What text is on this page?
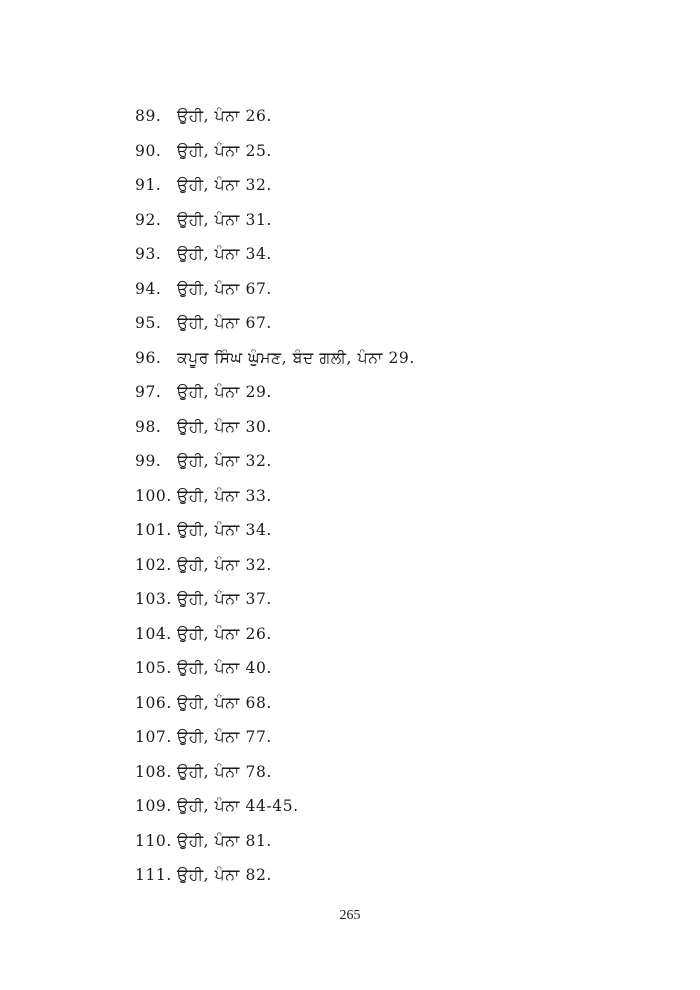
89. ਉਹੀ, ਪੰਨਾ 26.
90. ਉਹੀ, ਪੰਨਾ 25.
91. ਉਹੀ, ਪੰਨਾ 32.
92. ਉਹੀ, ਪੰਨਾ 31.
93. ਉਹੀ, ਪੰਨਾ 34.
94. ਉਹੀ, ਪੰਨਾ 67.
95. ਉਹੀ, ਪੰਨਾ 67.
96. ਕਪੂਰ ਸਿੰਘ ਘੁੰਮਣ, ਬੰਦ ਗਲੀ, ਪੰਨਾ 29.
97. ਉਹੀ, ਪੰਨਾ 29.
98. ਉਹੀ, ਪੰਨਾ 30.
99. ਉਹੀ, ਪੰਨਾ 32.
100. ਉਹੀ, ਪੰਨਾ 33.
101. ਉਹੀ, ਪੰਨਾ 34.
102. ਉਹੀ, ਪੰਨਾ 32.
103. ਉਹੀ, ਪੰਨਾ 37.
104. ਉਹੀ, ਪੰਨਾ 26.
105. ਉਹੀ, ਪੰਨਾ 40.
106. ਉਹੀ, ਪੰਨਾ 68.
107. ਉਹੀ, ਪੰਨਾ 77.
108. ਉਹੀ, ਪੰਨਾ 78.
109. ਉਹੀ, ਪੰਨਾ 44-45.
110. ਉਹੀ, ਪੰਨਾ 81.
111. ਉਹੀ, ਪੰਨਾ 82.
265
